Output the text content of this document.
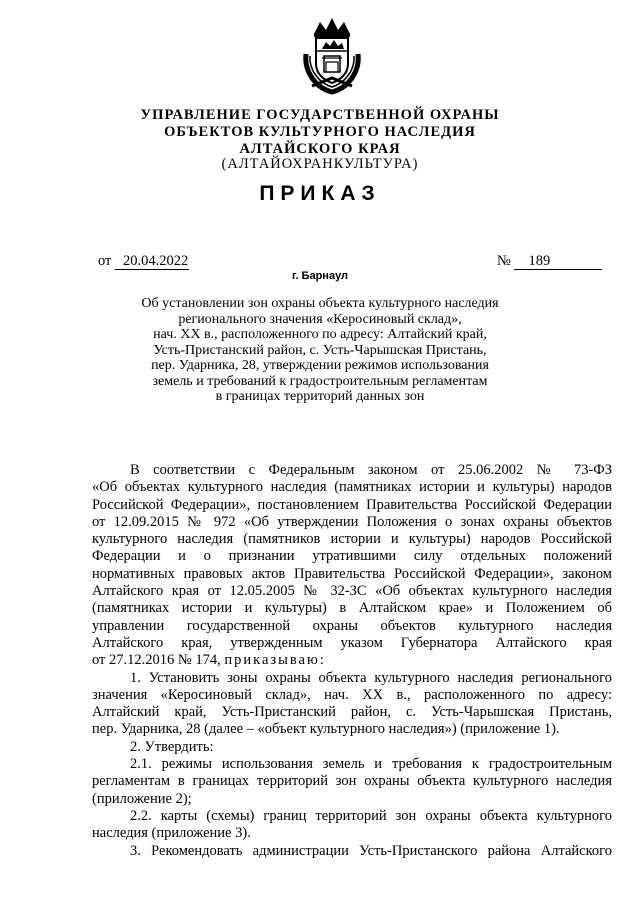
УПРАВЛЕНИЕ ГОСУДАРСТВЕННОЙ ОХРАНЫ
ОБЪЕКТОВ КУЛЬТУРНОГО НАСЛЕДИЯ
АЛТАЙСКОГО КРАЯ
(АЛТАЙОХРАНКУЛЬТУРА)
ПРИКАЗ
от 20.04.2022	№ 189
г. Барнаул
Об установлении зон охраны объекта культурного наследия
регионального значения «Керосиновый склад»,
нач. XX в., расположенного по адресу: Алтайский край,
Усть-Пристанский район, с. Усть-Чарышская Пристань,
пер. Ударника, 28, утверждении режимов использования
земель и требований к градостроительным регламентам
в границах территорий данных зон
В соответствии с Федеральным законом от 25.06.2002 № 73-ФЗ
«Об объектах культурного наследия (памятниках истории и культуры) народов
Российской Федерации», постановлением Правительства Российской Федерации
от 12.09.2015 № 972 «Об утверждении Положения о зонах охраны объектов
культурного наследия (памятников истории и культуры) народов Российской
Федерации и о признании утратившими силу отдельных положений
нормативных правовых актов Правительства Российской Федерации», законом
Алтайского края от 12.05.2005 № 32-ЗС «Об объектах культурного наследия
(памятниках истории и культуры) в Алтайском крае» и Положением об
управлении государственной охраны объектов культурного наследия
Алтайского края, утвержденным указом Губернатора Алтайского края
от 27.12.2016 № 174, приказываю:
1. Установить зоны охраны объекта культурного наследия регионального
значения «Керосиновый склад», нач. XX в., расположенного по адресу:
Алтайский край, Усть-Пристанский район, с. Усть-Чарышская Пристань,
пер. Ударника, 28 (далее – «объект культурного наследия») (приложение 1).
2. Утвердить:
2.1. режимы использования земель и требования к градостроительным
регламентам в границах территорий зон охраны объекта культурного наследия
(приложение 2);
2.2. карты (схемы) границ территорий зон охраны объекта культурного
наследия (приложение 3).
3. Рекомендовать администрации Усть-Пристанского района Алтайского
